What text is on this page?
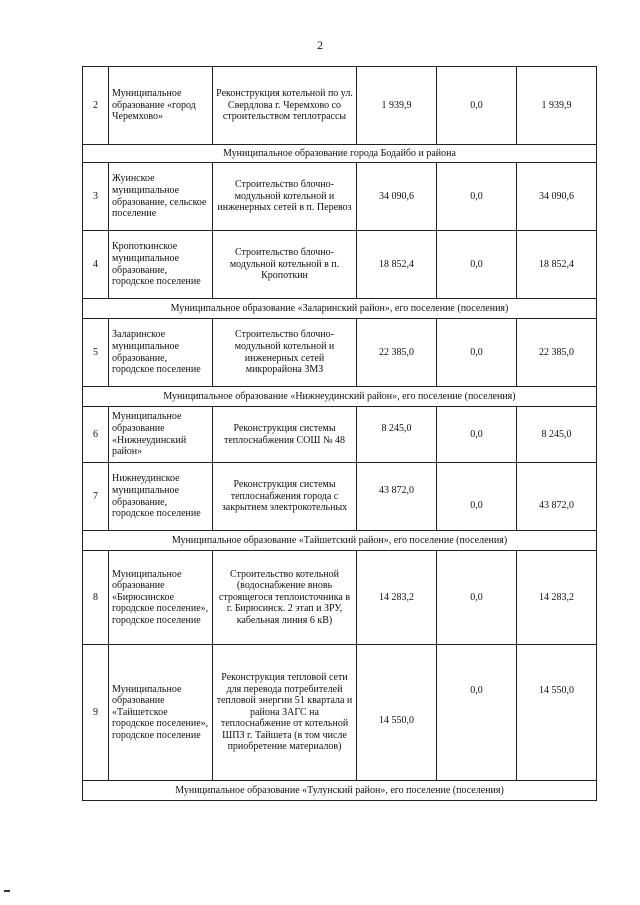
2
2	Муниципальное образование «город Черемхово»	Реконструкция котельной по ул. Свердлова г. Черемхово со строительством теплотрассы	1 939,9	0,0	1 939,9
Муниципальное образование города Бодайбо и района					
3	Жуинское муниципальное образование, сельское поселение	Строительство блочно-модульной котельной и инженерных сетей в п. Перевоз	34 090,6	0,0	34 090,6
4	Кропоткинское муниципальное образование, городское поселение	Строительство блочно-модульной котельной в п. Кропоткин	18 852,4	0,0	18 852,4
Муниципальное образование «Заларинский район», его поселение (поселения)					
5	Заларинское муниципальное образование, городское поселение	Строительство блочно-модульной котельной и инженерных сетей микрорайона ЗМЗ	22 385,0	0,0	22 385,0
Муниципальное образование «Нижнеудинский район», его поселение (поселения)					
6	Муниципальное образование «Нижнеудинский район»	Реконструкция системы теплоснабжения СОШ № 48	8 245,0	0,0	8 245,0
7	Нижнеудинское муниципальное образование, городское поселение	Реконструкция системы теплоснабжения города с закрытием электрокотельных	43 872,0	0,0	43 872,0

Муниципальное образование «Тайшетский район», его поселение (поселения)					
8	Муниципальное образование «Бирюсинское городское поселение», городское поселение	Строительство котельной (водоснабжение вновь строящегося теплоисточника в г. Бирюсинск. 2 этап и ЗРУ, кабельная линия 6 кВ)	14 283,2	0,0	14 283,2
9	Муниципальное образование «Тайшетское городское поселение», городское поселение	Реконструкция тепловой сети для перевода потребителей тепловой энергии 51 квартала и района ЗАГС на теплоснабжение от котельной ШПЗ г. Тайшета (в том числе приобретение материалов)	14 550,0	0,0	14 550,0

Муниципальное образование «Тулунский район», его поселение (поселения)					
